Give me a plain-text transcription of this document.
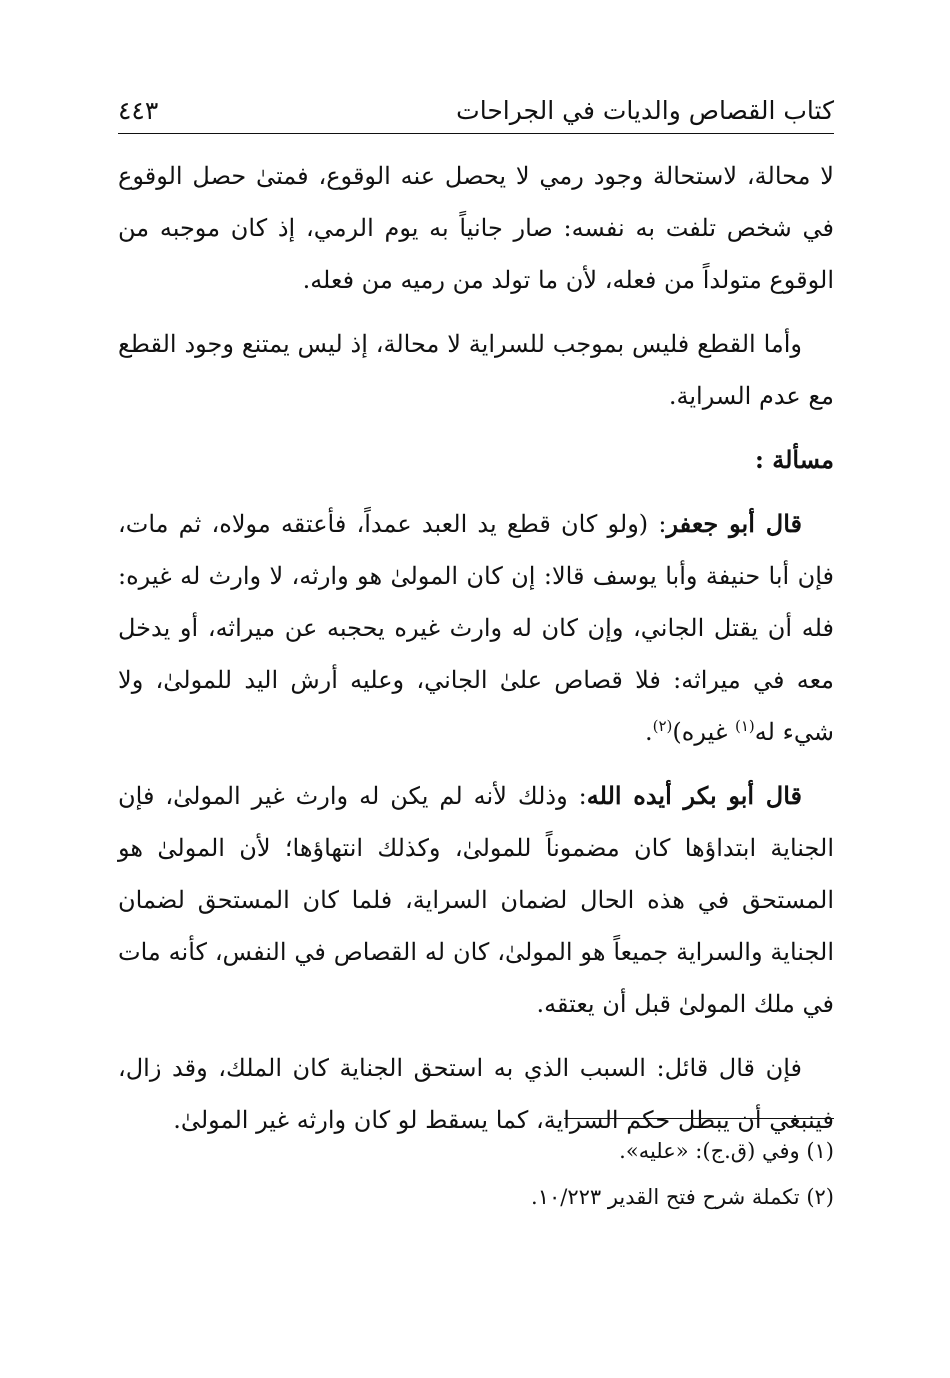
كتاب القصاص والديات في الجراحات
٤٤٣

لا محالة، لاستحالة وجود رمي لا يحصل عنه الوقوع، فمتىٰ حصل الوقوع في شخص تلفت به نفسه: صار جانياً به يوم الرمي، إذ كان موجبه من الوقوع متولداً من فعله، لأن ما تولد من رميه من فعله.

وأما القطع فليس بموجب للسراية لا محالة، إذ ليس يمتنع وجود القطع مع عدم السراية.

مسألة :

قال أبو جعفر: (ولو كان قطع يد العبد عمداً، فأعتقه مولاه، ثم مات، فإن أبا حنيفة وأبا يوسف قالا: إن كان المولىٰ هو وارثه، لا وارث له غيره: فله أن يقتل الجاني، وإن كان له وارث غيره يحجبه عن ميراثه، أو يدخل معه في ميراثه: فلا قصاص علىٰ الجاني، وعليه أرش اليد للمولىٰ، ولا شيء له$^{(١)}$ غيره)$^{(٢)}$.

قال أبو بكر أيده الله: وذلك لأنه لم يكن له وارث غير المولىٰ، فإن الجناية ابتداؤها كان مضموناً للمولىٰ، وكذلك انتهاؤها؛ لأن المولىٰ هو المستحق في هذه الحال لضمان السراية، فلما كان المستحق لضمان الجناية والسراية جميعاً هو المولىٰ، كان له القصاص في النفس، كأنه مات في ملك المولىٰ قبل أن يعتقه.

فإن قال قائل: السبب الذي به استحق الجناية كان الملك، وقد زال، فينبغي أن يبطل حكم السراية، كما يسقط لو كان وارثه غير المولىٰ.

(١) وفي (ق.ج): «عليه».
(٢) تكملة شرح فتح القدير ١٠/٢٢٣.
